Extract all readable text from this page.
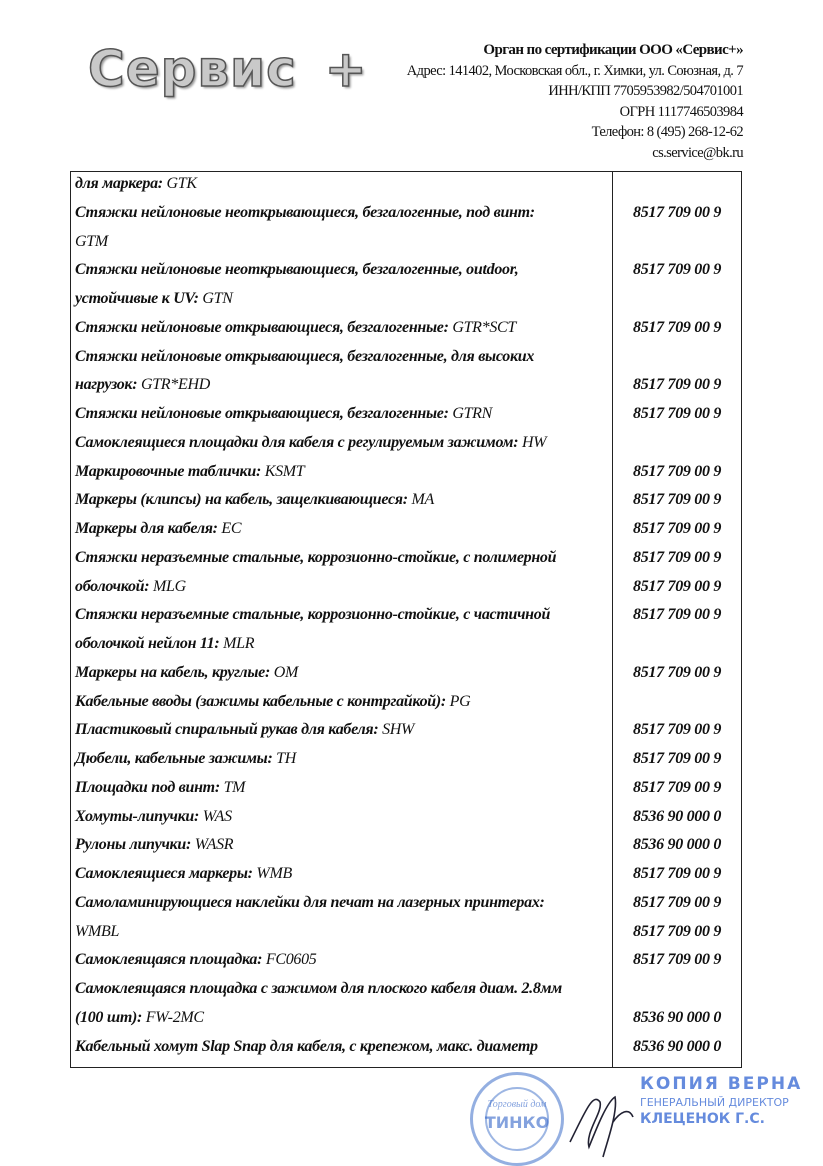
Сервис +	Орган по сертификации ООО «Сервис+»
Адрес: 141402, Московская обл., г. Химки, ул. Союзная, д. 7
ИНН/КПП 7705953982/504701001
ОГРН 1117746503984
Телефон: 8 (495) 268-12-62
cs.service@bk.ru
для маркера: GTK
Стяжки нейлоновые неоткрывающиеся, безгалогенные, под винт:	8517 709 00 9
GTM
Стяжки нейлоновые неоткрывающиеся, безгалогенные, outdoor,	8517 709 00 9
устойчивые к UV: GTN
Стяжки нейлоновые открывающиеся, безгалогенные: GTR*SCT	8517 709 00 9
Стяжки нейлоновые открывающиеся, безгалогенные, для высоких
нагрузок: GTR*EHD	8517 709 00 9
Стяжки нейлоновые открывающиеся, безгалогенные: GTRN	8517 709 00 9
Самоклеящиеся площадки для кабеля с регулируемым зажимом: HW
Маркировочные таблички: KSMT	8517 709 00 9
Маркеры (клипсы) на кабель, защелкивающиеся: MA	8517 709 00 9
Маркеры для кабеля: EC	8517 709 00 9
Стяжки неразъемные стальные, коррозионно-стойкие, с полимерной	8517 709 00 9
оболочкой: MLG	8517 709 00 9
Стяжки неразъемные стальные, коррозионно-стойкие, с частичной	8517 709 00 9
оболочкой нейлон 11: MLR
Маркеры на кабель, круглые: OM	8517 709 00 9
Кабельные вводы (зажимы кабельные с контргайкой): PG
Пластиковый спиральный рукав для кабеля: SHW	8517 709 00 9
Дюбели, кабельные зажимы: TH	8517 709 00 9
Площадки под винт: TM	8517 709 00 9
Хомуты-липучки: WAS	8536 90 000 0
Рулоны липучки: WASR	8536 90 000 0
Самоклеящиеся маркеры: WMB	8517 709 00 9
Самоламинирующиеся наклейки для печат на лазерных принтерах:	8517 709 00 9
WMBL	8517 709 00 9
Самоклеящаяся площадка: FC0605	8517 709 00 9
Самоклеящаяся площадка с зажимом для плоского кабеля диам. 2.8мм
(100 шт): FW-2MC	8536 90 000 0
Кабельный хомут Slap Snap для кабеля, с крепежом, макс. диаметр	8536 90 000 0
Торговый дом
ТИНКО
КОПИЯ ВЕРНА
ГЕНЕРАЛЬНЫЙ ДИРЕКТОР
КЛЕЦЕНОК Г.С.
